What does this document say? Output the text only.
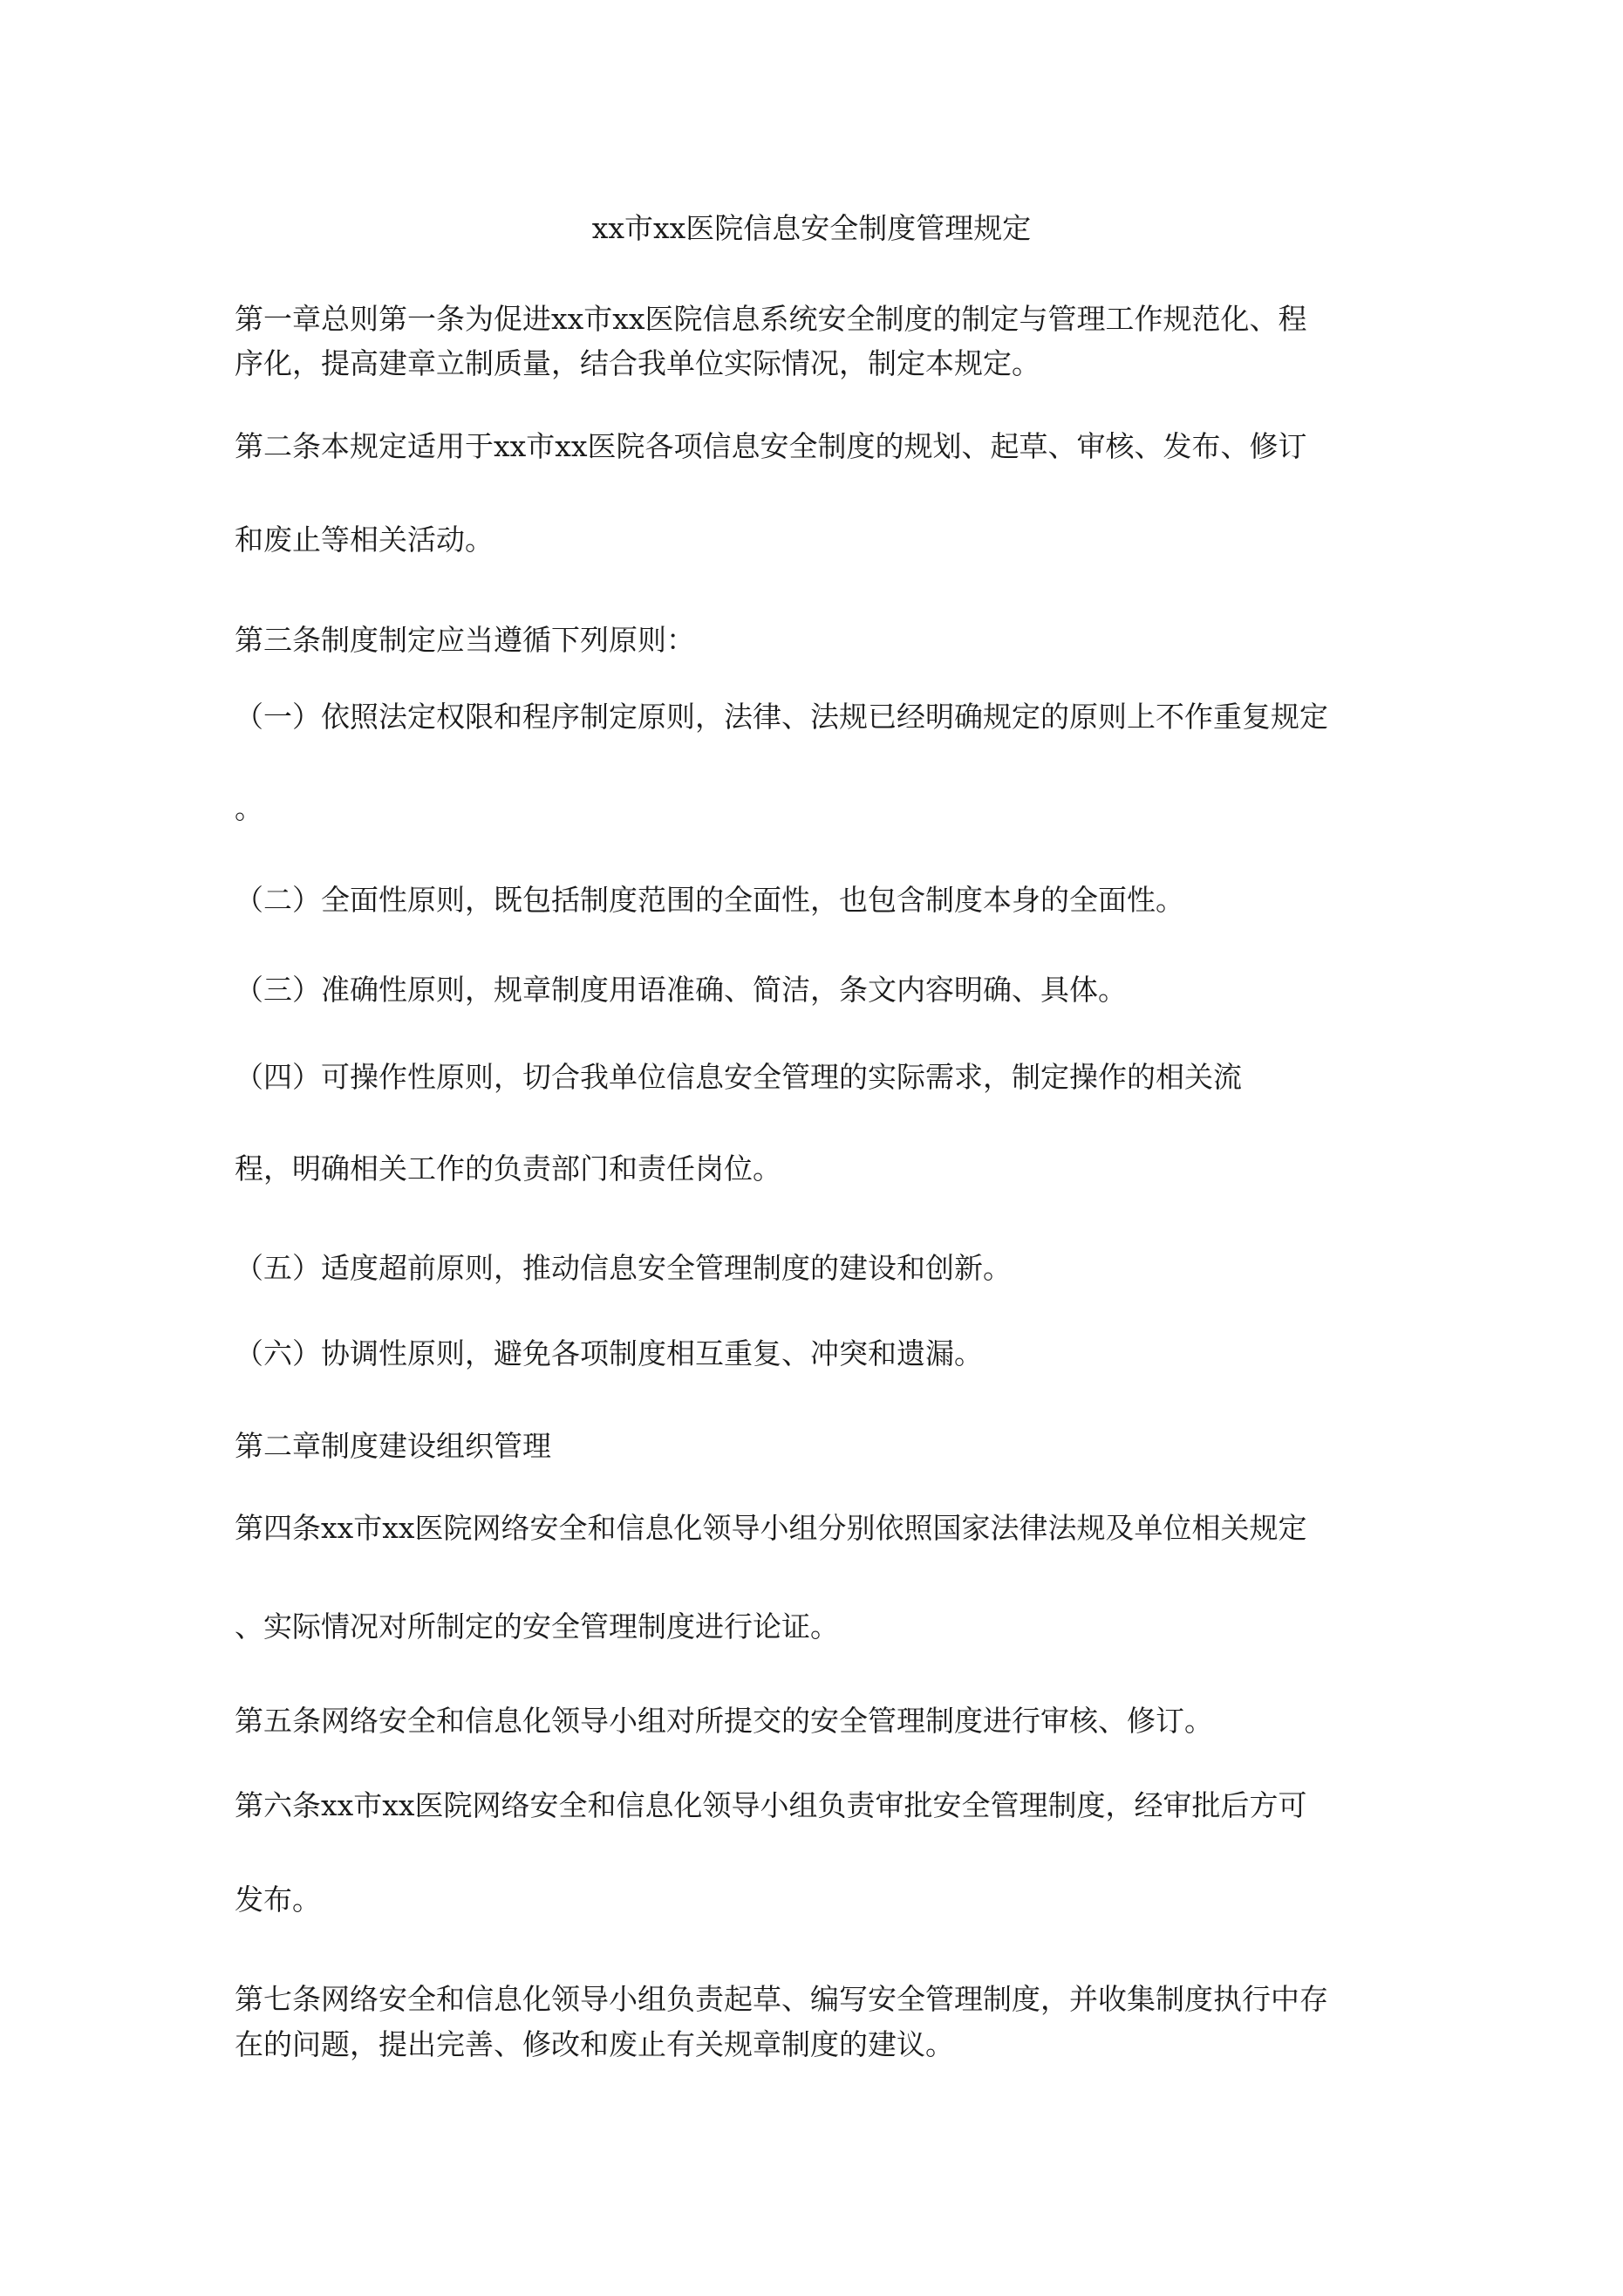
xx市xx医院信息安全制度管理规定
第一章总则第一条为促进xx市xx医院信息系统安全制度的制定与管理工作规范化、程
序化，提高建章立制质量，结合我单位实际情况，制定本规定。
第二条本规定适用于xx市xx医院各项信息安全制度的规划、起草、审核、发布、修订
和废止等相关活动。
第三条制度制定应当遵循下列原则：
（一）依照法定权限和程序制定原则，法律、法规已经明确规定的原则上不作重复规定
。
（二）全面性原则，既包括制度范围的全面性，也包含制度本身的全面性。
（三）准确性原则，规章制度用语准确、简洁，条文内容明确、具体。
（四）可操作性原则，切合我单位信息安全管理的实际需求，制定操作的相关流
程，明确相关工作的负责部门和责任岗位。
（五）适度超前原则，推动信息安全管理制度的建设和创新。
（六）协调性原则，避免各项制度相互重复、冲突和遗漏。
第二章制度建设组织管理
第四条xx市xx医院网络安全和信息化领导小组分别依照国家法律法规及单位相关规定
、实际情况对所制定的安全管理制度进行论证。
第五条网络安全和信息化领导小组对所提交的安全管理制度进行审核、修订。
第六条xx市xx医院网络安全和信息化领导小组负责审批安全管理制度，经审批后方可
发布。
第七条网络安全和信息化领导小组负责起草、编写安全管理制度，并收集制度执行中存
在的问题，提出完善、修改和废止有关规章制度的建议。
